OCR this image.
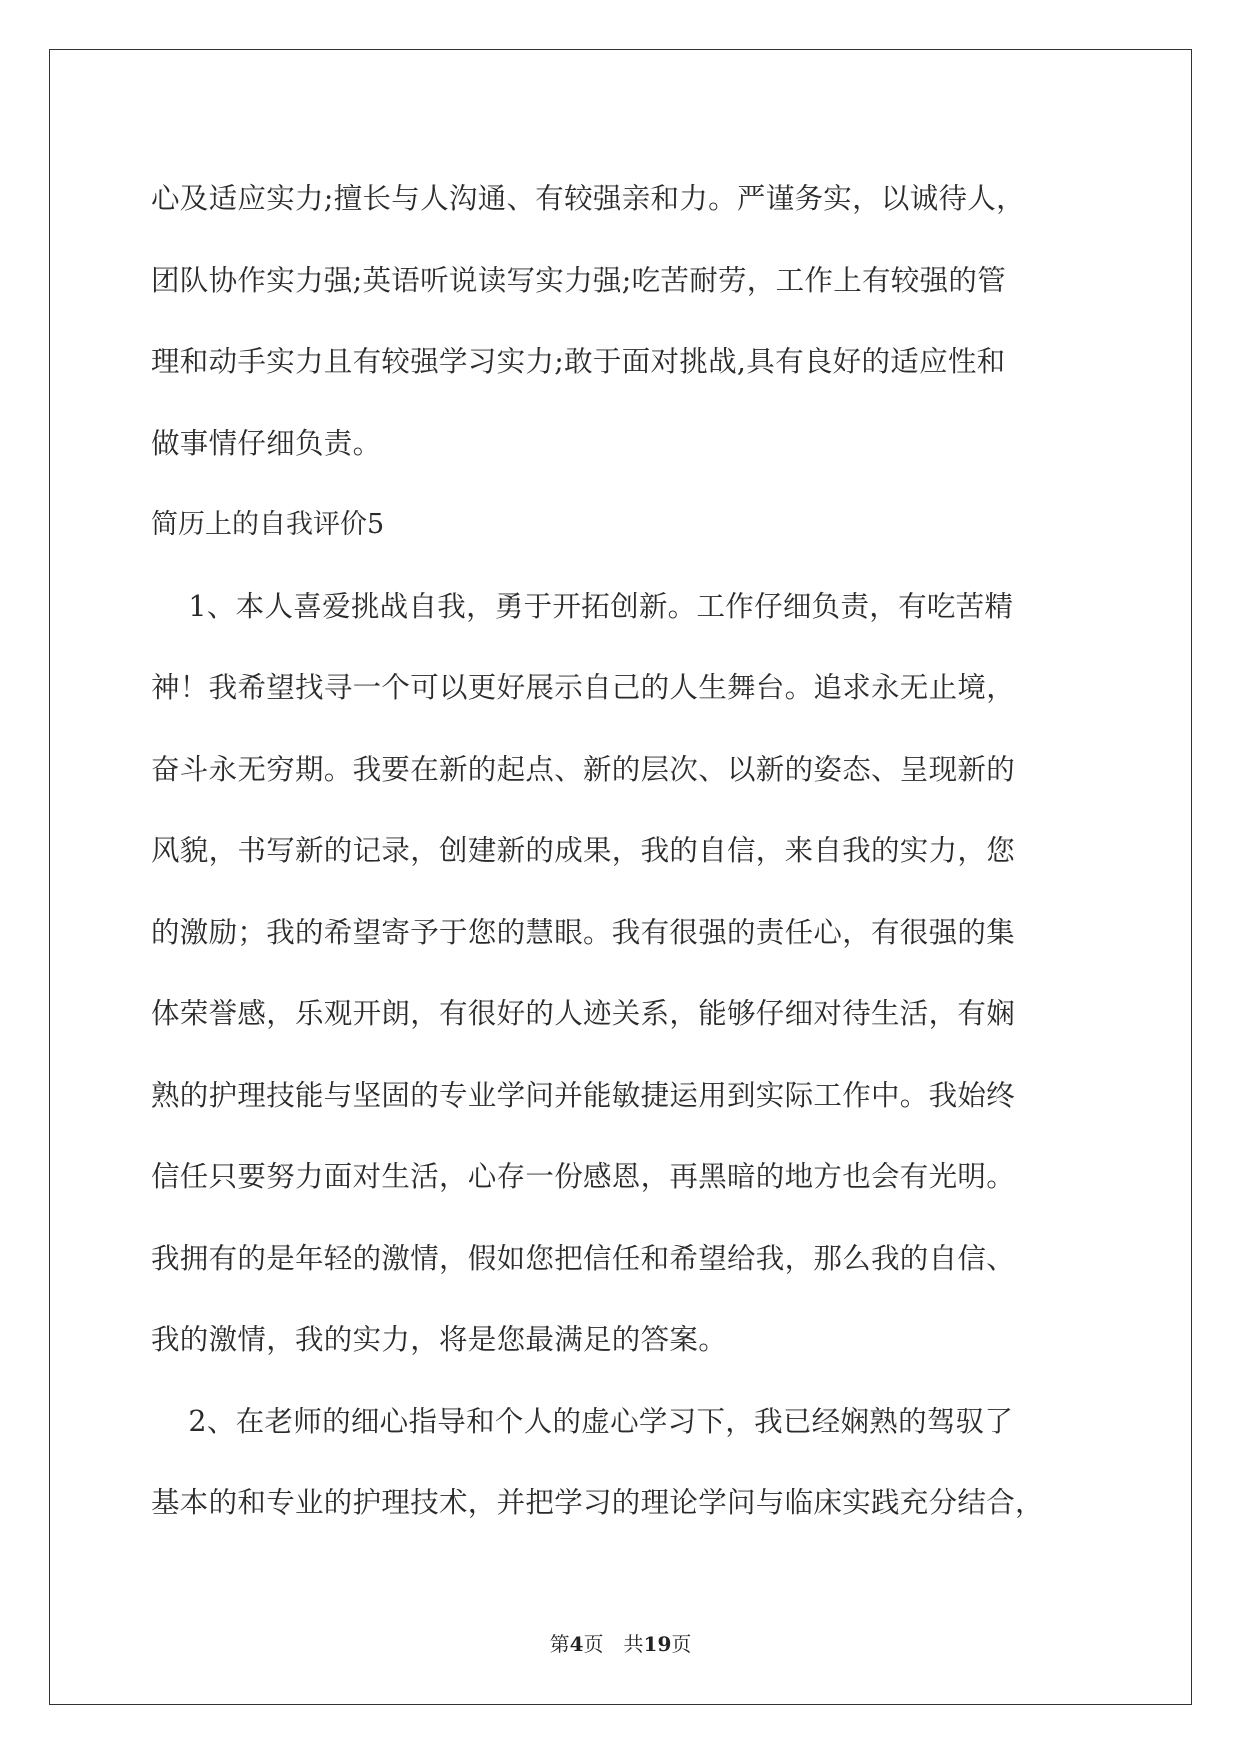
心及适应实力;擅长与人沟通、有较强亲和力。严谨务实，以诚待人，
团队协作实力强;英语听说读写实力强;吃苦耐劳，工作上有较强的管
理和动手实力且有较强学习实力;敢于面对挑战,具有良好的适应性和
做事情仔细负责。
简历上的自我评价5
1、本人喜爱挑战自我，勇于开拓创新。工作仔细负责，有吃苦精
神！我希望找寻一个可以更好展示自己的人生舞台。追求永无止境，
奋斗永无穷期。我要在新的起点、新的层次、以新的姿态、呈现新的
风貌，书写新的记录，创建新的成果，我的自信，来自我的实力，您
的激励；我的希望寄予于您的慧眼。我有很强的责任心，有很强的集
体荣誉感，乐观开朗，有很好的人迹关系，能够仔细对待生活，有娴
熟的护理技能与坚固的专业学问并能敏捷运用到实际工作中。我始终
信任只要努力面对生活，心存一份感恩，再黑暗的地方也会有光明。
我拥有的是年轻的激情，假如您把信任和希望给我，那么我的自信、
我的激情，我的实力，将是您最满足的答案。
2、在老师的细心指导和个人的虚心学习下，我已经娴熟的驾驭了
基本的和专业的护理技术，并把学习的理论学问与临床实践充分结合，
第4页 共19页
